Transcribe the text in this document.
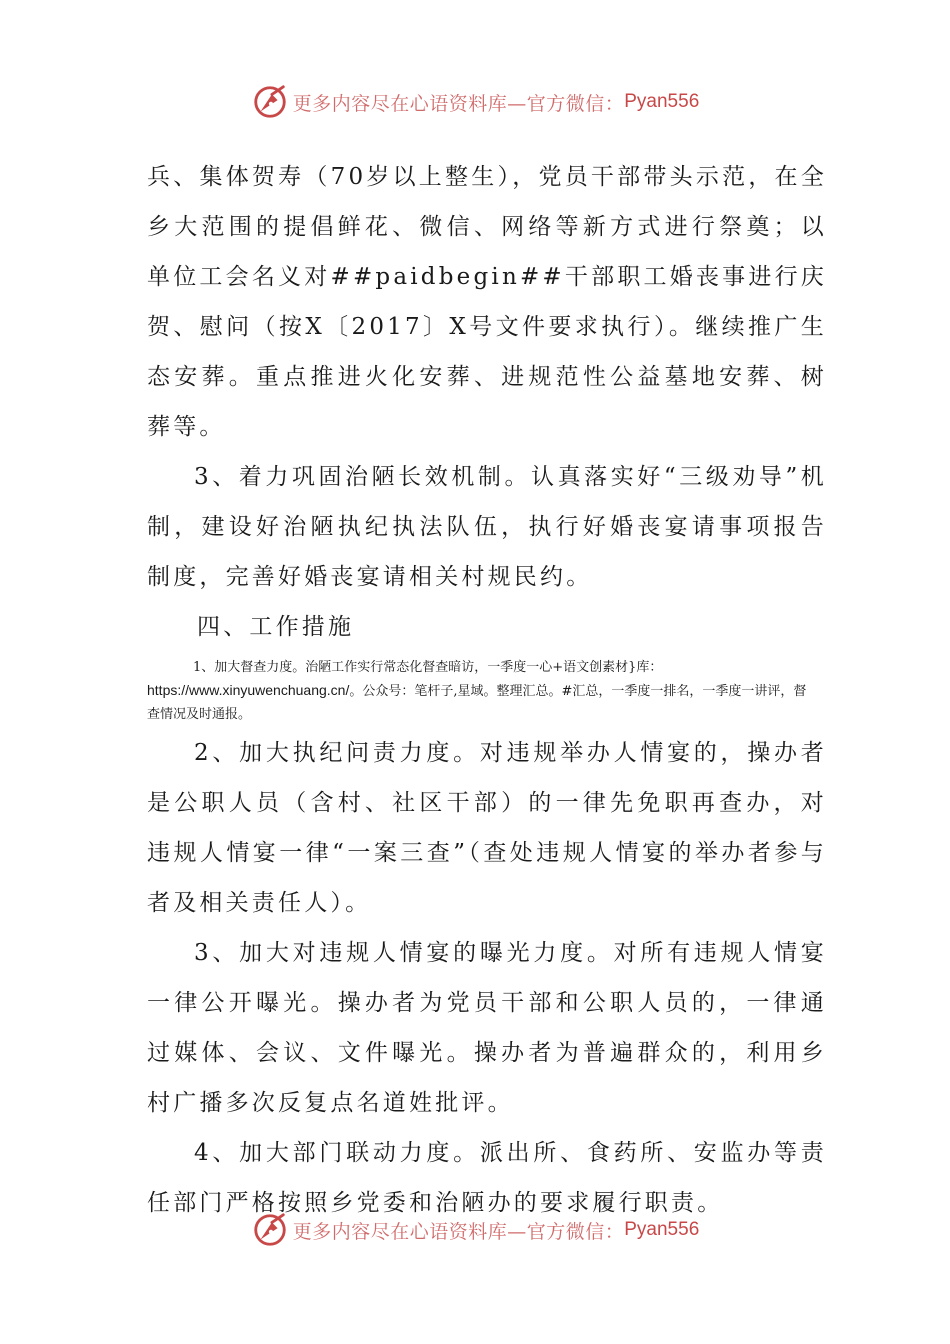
更多内容尽在心语资料库—官方微信： Pyan556

兵、集体贺寿（70岁以上整生），党员干部带头示范，在全乡大范围的提倡鲜花、微信、网络等新方式进行祭奠；以单位工会名义对##paidbegin##干部职工婚丧事进行庆贺、慰问（按X〔2017〕X号文件要求执行）。继续推广生态安葬。重点推进火化安葬、进规范性公益墓地安葬、树葬等。

3、着力巩固治陋长效机制。认真落实好“三级劝导”机制，建设好治陋执纪执法队伍，执行好婚丧宴请事项报告制度，完善好婚丧宴请相关村规民约。

四、工作措施

1、加大督查力度。治陋工作实行常态化督查暗访，一季度一心+语文创素材}库：
https://www.xinyuwenchuang.cn/。公众号：笔杆子,星域。整理汇总。#汇总，一季度一排名，一季度一讲评，督查情况及时通报。

2、加大执纪问责力度。对违规举办人情宴的，操办者是公职人员（含村、社区干部）的一律先免职再查办，对违规人情宴一律“一案三查”（查处违规人情宴的举办者参与者及相关责任人）。

3、加大对违规人情宴的曝光力度。对所有违规人情宴一律公开曝光。操办者为党员干部和公职人员的，一律通过媒体、会议、文件曝光。操办者为普遍群众的，利用乡村广播多次反复点名道姓批评。

4、加大部门联动力度。派出所、食药所、安监办等责任部门严格按照乡党委和治陋办的要求履行职责。

更多内容尽在心语资料库—官方微信： Pyan556
